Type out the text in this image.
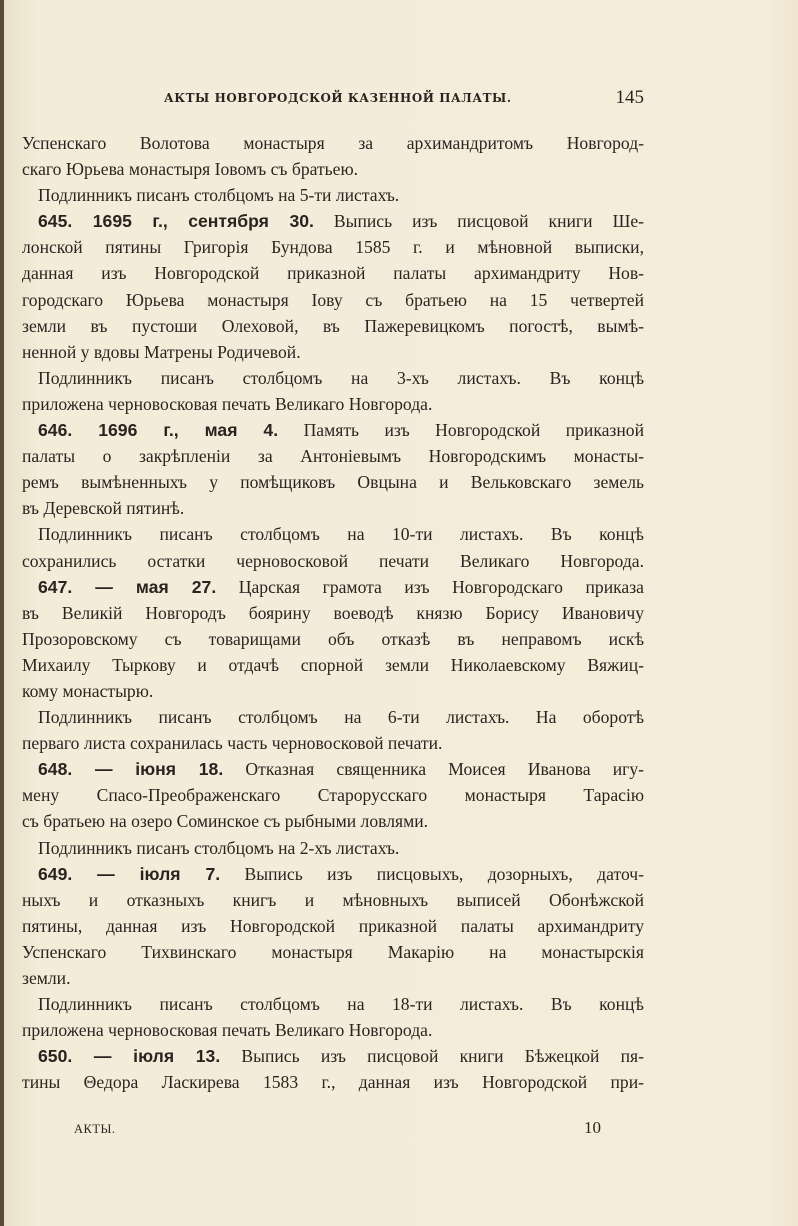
АКТЫ НОВГОРОДСКОЙ КАЗЕННОЙ ПАЛАТЫ.	145
Успенскаго Волотова монастыря за архимандритомъ Новгород-
скаго Юрьева монастыря Іовомъ съ братьею.
Подлинникъ писанъ столбцомъ на 5-ти листахъ.
645. 1695 г., сентября 30. Выпись изъ писцовой книги Ше-
лонской пятины Григорія Бундова 1585 г. и мѣновной выписки,
данная изъ Новгородской приказной палаты архимандриту Нов-
городскаго Юрьева монастыря Іову съ братьею на 15 четвертей
земли въ пустоши Олеховой, въ Пажеревицкомъ погостѣ, вымѣ-
ненной у вдовы Матрены Родичевой.
Подлинникъ писанъ столбцомъ на 3-хъ листахъ. Въ концѣ
приложена черновосковая печать Великаго Новгорода.
646. 1696 г., мая 4. Память изъ Новгородской приказной
палаты о закрѣпленіи за Антоніевымъ Новгородскимъ монасты-
ремъ вымѣненныхъ у помѣщиковъ Овцына и Вельковскаго земель
въ Деревской пятинѣ.
Подлинникъ писанъ столбцомъ на 10-ти листахъ. Въ концѣ
сохранились остатки черновосковой печати Великаго Новгорода.
647. — мая 27. Царская грамота изъ Новгородскаго приказа
въ Великій Новгородъ боярину воеводѣ князю Борису Ивановичу
Прозоровскому съ товарищами объ отказѣ въ неправомъ искѣ
Михаилу Тыркову и отдачѣ спорной земли Николаевскому Вяжиц-
кому монастырю.
Подлинникъ писанъ столбцомъ на 6-ти листахъ. На оборотѣ
перваго листа сохранилась часть черновосковой печати.
648. — іюня 18. Отказная священника Моисея Иванова игу-
мену Спасо-Преображенскаго Старорусскаго монастыря Тарасію
съ братьею на озеро Соминское съ рыбными ловлями.
Подлинникъ писанъ столбцомъ на 2-хъ листахъ.
649. — іюля 7. Выпись изъ писцовыхъ, дозорныхъ, даточ-
ныхъ и отказныхъ книгъ и мѣновныхъ выписей Обонѣжской
пятины, данная изъ Новгородской приказной палаты архимандриту
Успенскаго Тихвинскаго монастыря Макарію на монастырскія
земли.
Подлинникъ писанъ столбцомъ на 18-ти листахъ. Въ концѣ
приложена черновосковая печать Великаго Новгорода.
650. — іюля 13. Выпись изъ писцовой книги Бѣжецкой пя-
тины Θедора Ласкирева 1583 г., данная изъ Новгородской при-
АКТЫ.	10
